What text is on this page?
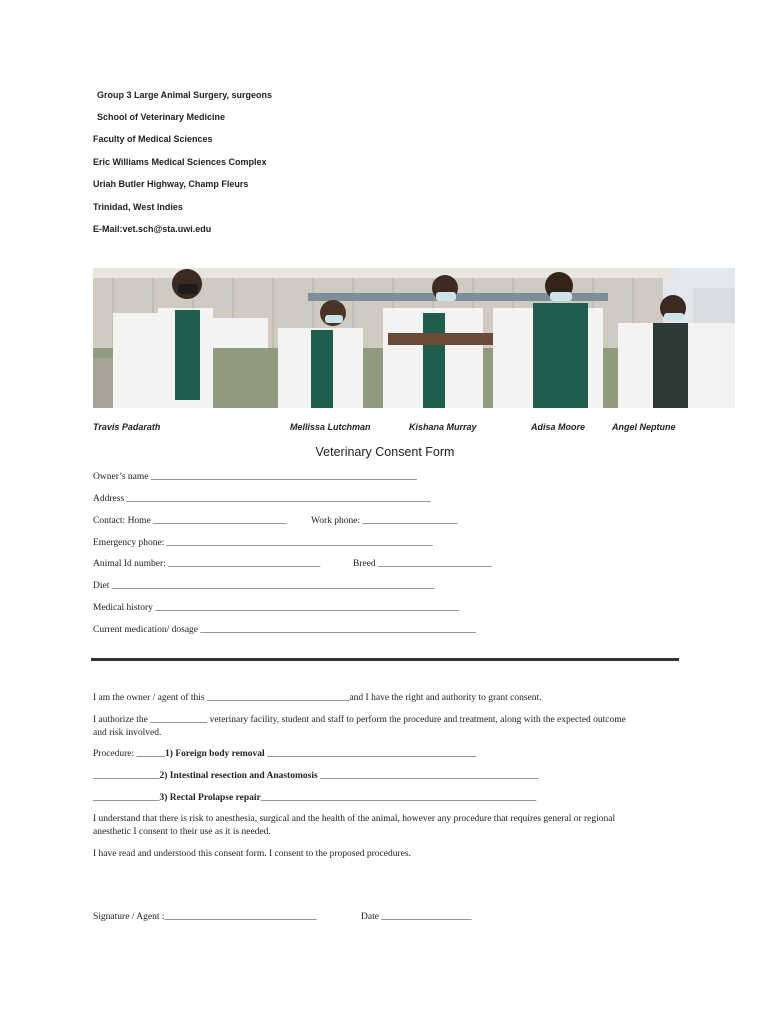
Group 3 Large Animal Surgery, surgeons
School of Veterinary Medicine
Faculty of Medical Sciences
Eric Williams Medical Sciences Complex
Uriah Butler Highway, Champ Fleurs
Trinidad, West Indies
E-Mail:vet.sch@sta.uwi.edu
Travis Padarath	Mellissa Lutchman	Kishana Murray	Adisa Moore	Angel Neptune
Veterinary Consent Form
Owner’s name ________________________________________________________
Address ________________________________________________________________
Contact: Home ____________________________	Work phone: ____________________
Emergency phone: ________________________________________________________
Animal Id number: ________________________________	Breed ________________________
Diet ____________________________________________________________________
Medical history ________________________________________________________________
Current medication/ dosage __________________________________________________________
I am the owner / agent of this ______________________________and I have the right and authority to grant consent.
I authorize the ____________ veterinary facility, student and staff to perform the procedure and treatment, along with the expected outcome
and risk involved.
Procedure: ______1) Foreign body removal ____________________________________________
______________2) Intestinal resection and Anastomosis ______________________________________________
______________3) Rectal Prolapse repair__________________________________________________________
I understand that there is risk to anesthesia, surgical and the health of the animal, however any procedure that requires general or regional
anesthetic I consent to their use as it is needed.
I have read and understood this consent form. I consent to the proposed procedures.
Signature / Agent :________________________________	Date ___________________
